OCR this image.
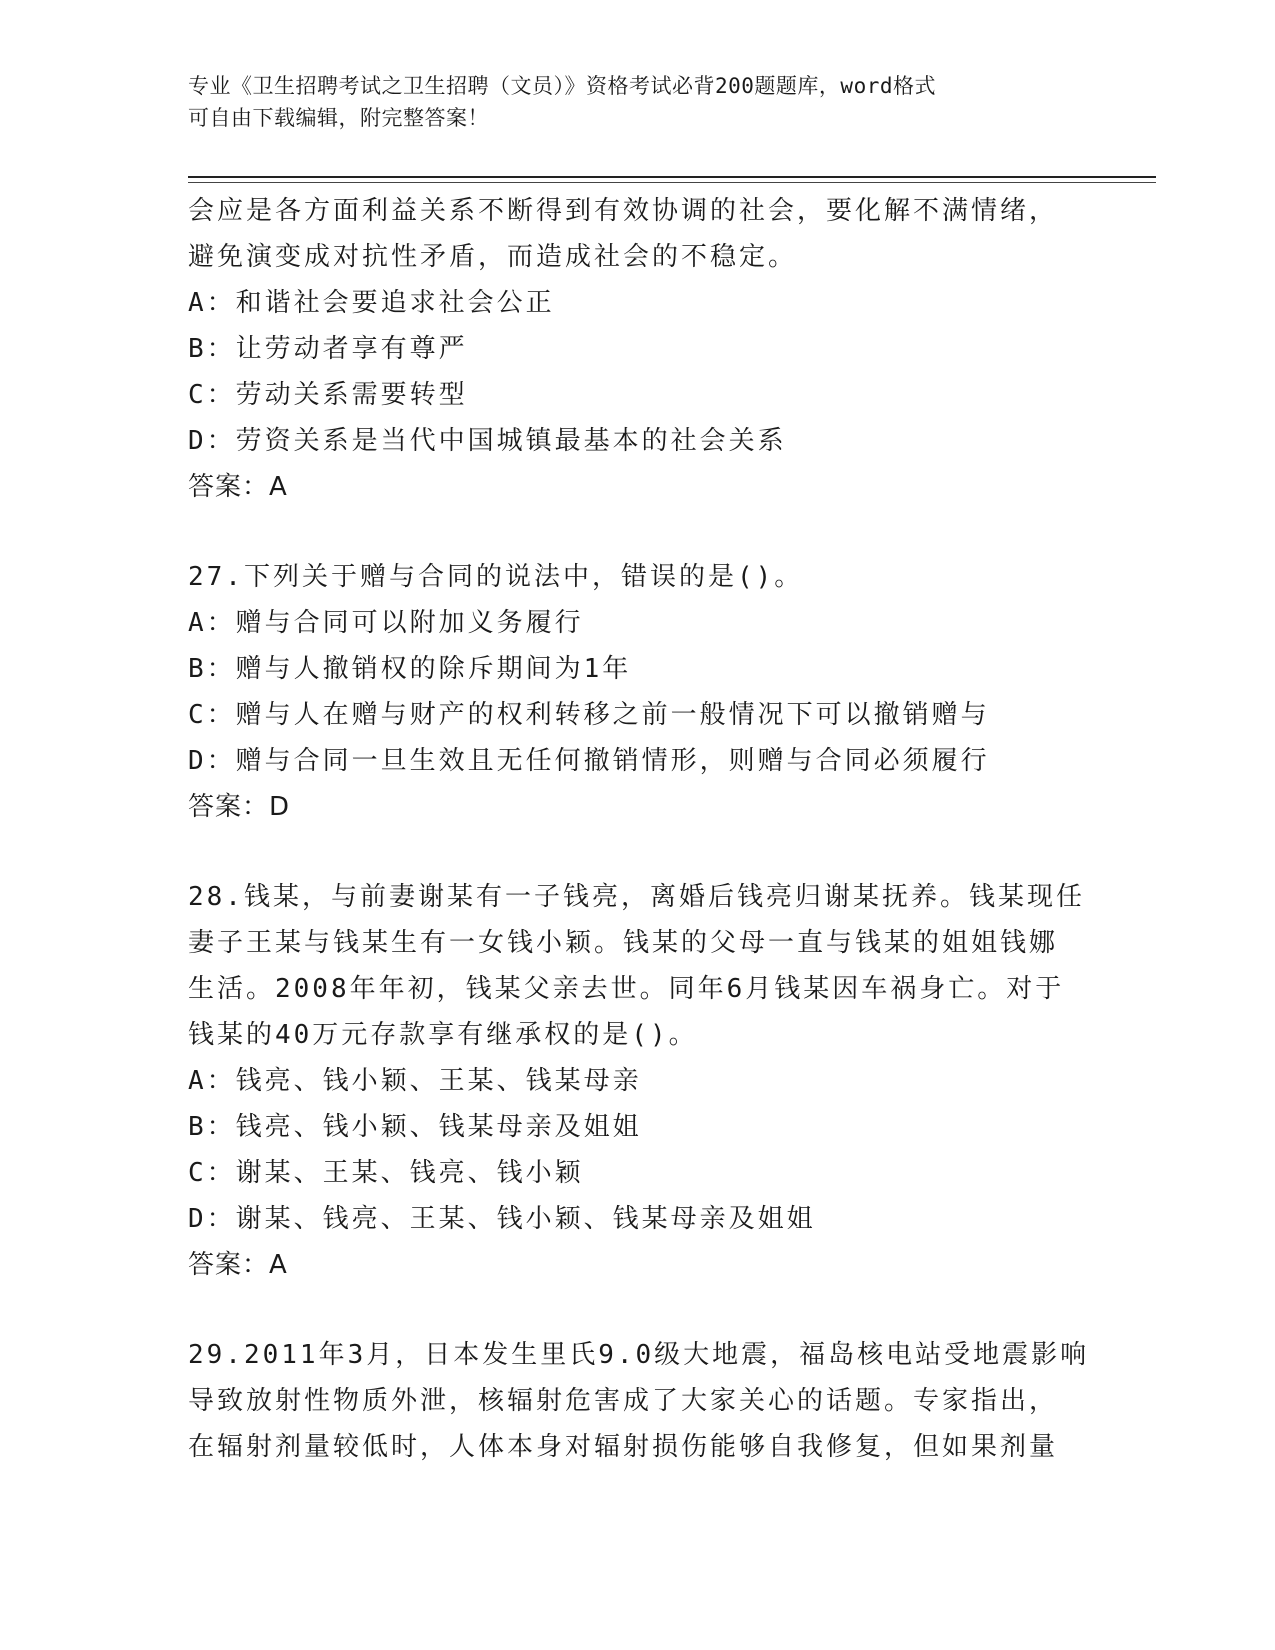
专业《卫生招聘考试之卫生招聘（文员）》资格考试必背200题题库，word格式
可自由下载编辑，附完整答案！
会应是各方面利益关系不断得到有效协调的社会，要化解不满情绪，
避免演变成对抗性矛盾，而造成社会的不稳定。
A：和谐社会要追求社会公正
B：让劳动者享有尊严
C：劳动关系需要转型
D：劳资关系是当代中国城镇最基本的社会关系
答案：A
27.下列关于赠与合同的说法中，错误的是()。
A：赠与合同可以附加义务履行
B：赠与人撤销权的除斥期间为1年
C：赠与人在赠与财产的权利转移之前一般情况下可以撤销赠与
D：赠与合同一旦生效且无任何撤销情形，则赠与合同必须履行
答案：D
28.钱某，与前妻谢某有一子钱亮，离婚后钱亮归谢某抚养。钱某现任
妻子王某与钱某生有一女钱小颖。钱某的父母一直与钱某的姐姐钱娜
生活。2008年年初，钱某父亲去世。同年6月钱某因车祸身亡。对于
钱某的40万元存款享有继承权的是()。
A：钱亮、钱小颖、王某、钱某母亲
B：钱亮、钱小颖、钱某母亲及姐姐
C：谢某、王某、钱亮、钱小颖
D：谢某、钱亮、王某、钱小颖、钱某母亲及姐姐
答案：A
29.2011年3月，日本发生里氏9.0级大地震，福岛核电站受地震影响
导致放射性物质外泄，核辐射危害成了大家关心的话题。专家指出，
在辐射剂量较低时，人体本身对辐射损伤能够自我修复，但如果剂量
